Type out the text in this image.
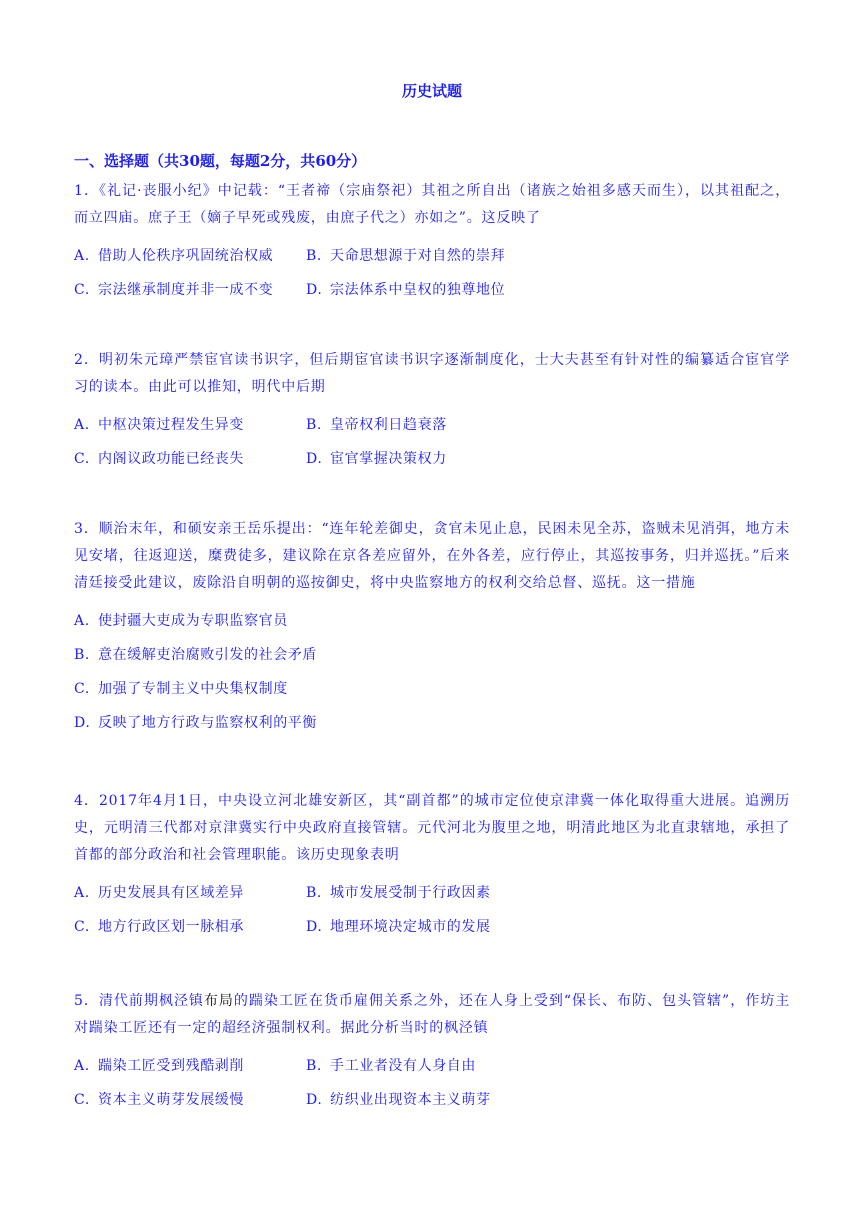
历史试题
一、选择题（共30题，每题2分，共60分）

1．《礼记·丧服小纪》中记载：“王者禘（宗庙祭祀）其祖之所自出（诸族之始祖多感天而生），以其祖配之，而立四庙。庶子王（嫡子早死或残废，由庶子代之）亦如之”。这反映了

A. 借助人伦秩序巩固统治权威 B. 天命思想源于对自然的崇拜
C. 宗法继承制度并非一成不变 D. 宗法体系中皇权的独尊地位

2．明初朱元璋严禁宦官读书识字，但后期宦官读书识字逐渐制度化，士大夫甚至有针对性的编纂适合宦官学习的读本。由此可以推知，明代中后期

A. 中枢决策过程发生异变	B. 皇帝权利日趋衰落
C. 内阁议政功能已经丧失	D. 宦官掌握决策权力

3．顺治末年，和硕安亲王岳乐提出：“连年轮差御史，贪官未见止息，民困未见全苏，盗贼未见消弭，地方未见安堵，往返迎送，糜费徒多，建议除在京各差应留外，在外各差，应行停止，其巡按事务，归并巡抚。”后来清廷接受此建议，废除沿自明朝的巡按御史，将中央监察地方的权利交给总督、巡抚。这一措施

A. 使封疆大吏成为专职监察官员
B. 意在缓解吏治腐败引发的社会矛盾
C. 加强了专制主义中央集权制度
D. 反映了地方行政与监察权利的平衡

4．2017年4月1日，中央设立河北雄安新区，其“副首都”的城市定位使京津冀一体化取得重大进展。追溯历史，元明清三代都对京津冀实行中央政府直接管辖。元代河北为腹里之地，明清此地区为北直隶辖地，承担了首都的部分政治和社会管理职能。该历史现象表明

A. 历史发展具有区域差异	B. 城市发展受制于行政因素
C. 地方行政区划一脉相承	D. 地理环境决定城市的发展

5．清代前期枫泾镇布局的踹染工匠在货币雇佣关系之外，还在人身上受到“保长、布防、包头管辖”，作坊主对踹染工匠还有一定的超经济强制权利。据此分析当时的枫泾镇

A. 踹染工匠受到残酷剥削	B. 手工业者没有人身自由
C. 资本主义萌芽发展缓慢	D. 纺织业出现资本主义萌芽
